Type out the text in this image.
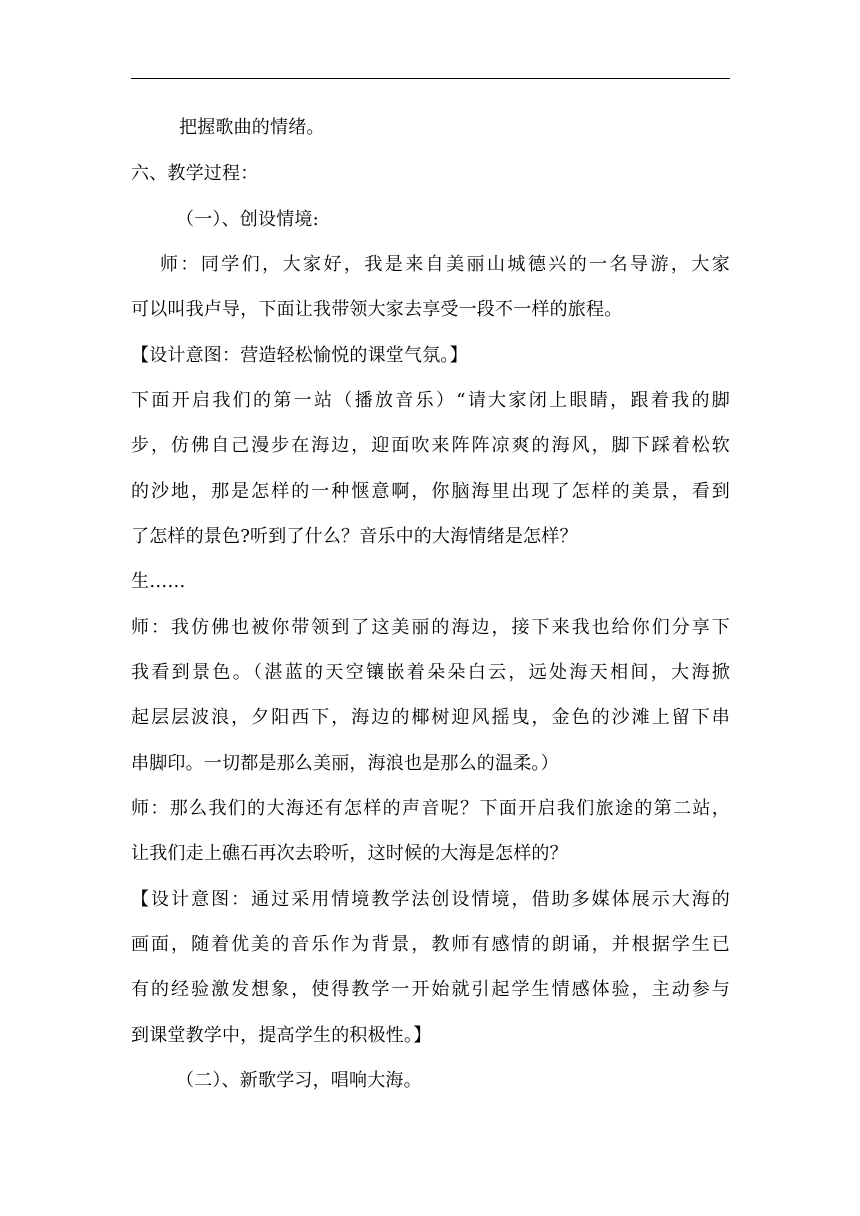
把握歌曲的情绪。
六、教学过程：
（一）、创设情境:
师：同学们，大家好，我是来自美丽山城德兴的一名导游，大家
可以叫我卢导，下面让我带领大家去享受一段不一样的旅程。
【设计意图：营造轻松愉悦的课堂气氛。】
下面开启我们的第一站（播放音乐）“请大家闭上眼睛，跟着我的脚
步，仿佛自己漫步在海边，迎面吹来阵阵凉爽的海风，脚下踩着松软
的沙地，那是怎样的一种惬意啊，你脑海里出现了怎样的美景，看到
了怎样的景色?听到了什么？音乐中的大海情绪是怎样？
生……
师：我仿佛也被你带领到了这美丽的海边，接下来我也给你们分享下
我看到景色。（湛蓝的天空镶嵌着朵朵白云，远处海天相间，大海掀
起层层波浪，夕阳西下，海边的椰树迎风摇曳，金色的沙滩上留下串
串脚印。一切都是那么美丽，海浪也是那么的温柔。）
师：那么我们的大海还有怎样的声音呢？下面开启我们旅途的第二站，
让我们走上礁石再次去聆听，这时候的大海是怎样的？
【设计意图：通过采用情境教学法创设情境，借助多媒体展示大海的
画面，随着优美的音乐作为背景，教师有感情的朗诵，并根据学生已
有的经验激发想象，使得教学一开始就引起学生情感体验，主动参与
到课堂教学中，提高学生的积极性。】
（二）、新歌学习，唱响大海。
